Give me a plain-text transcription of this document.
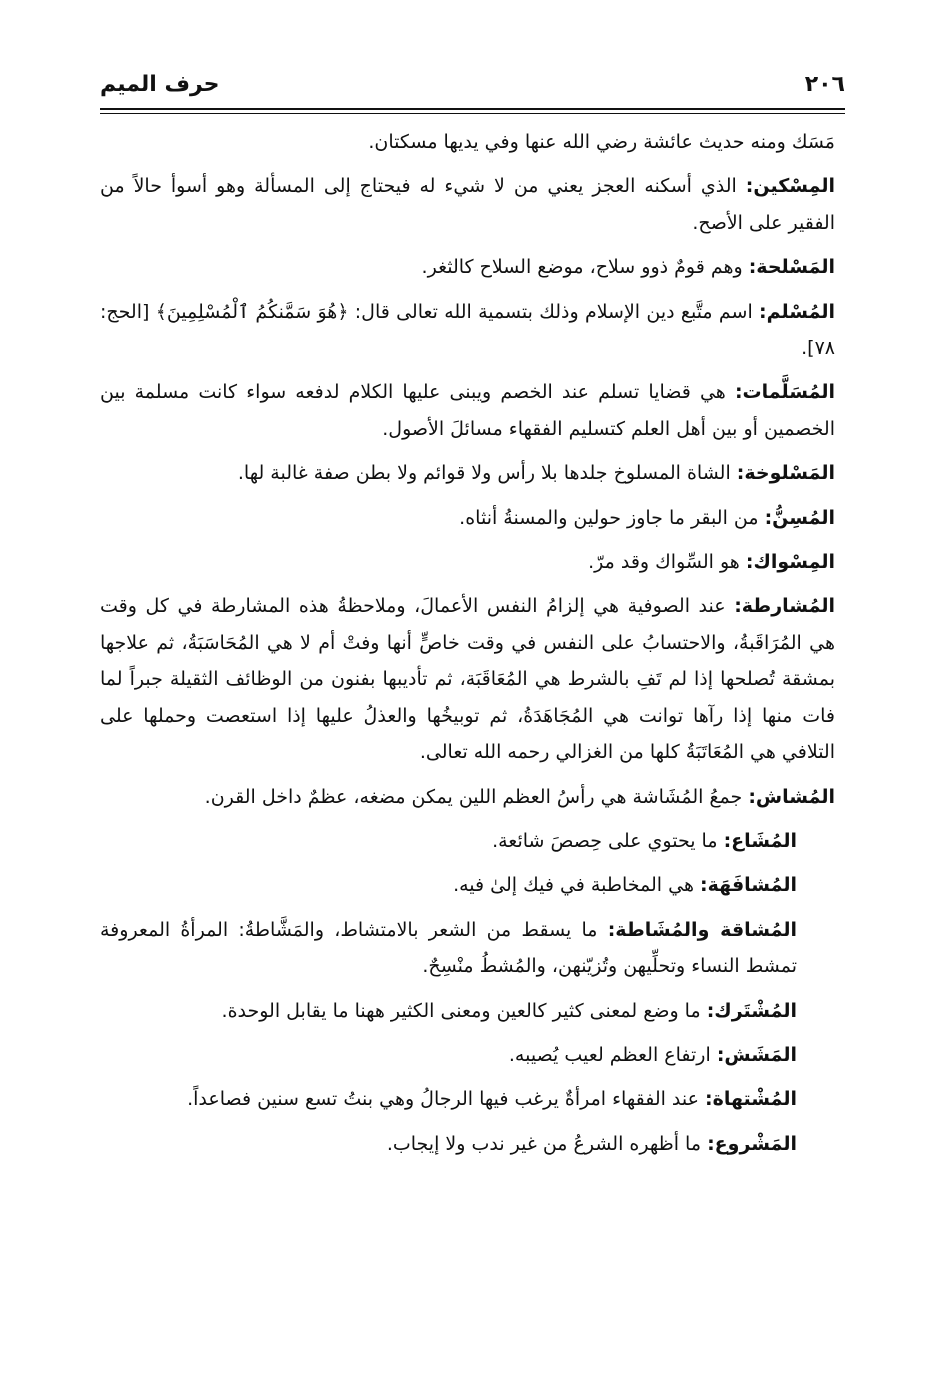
٢٠٦
حرف الميم

مَسَك ومنه حديث عائشة رضي الله عنها وفي يديها مسكتان.

المِسْكين: الذي أسكنه العجز يعني من لا شيء له فيحتاج إلى المسألة وهو أسوأ حالاً من الفقير على الأصح.

المَسْلحة: وهم قومٌ ذوو سلاح، موضع السلاح كالثغر.

المُسْلم: اسم متَّبع دين الإسلام وذلك بتسمية الله تعالى قال: ﴿هُوَ سَمَّنكُمُ ٱلْمُسْلِمِينَ﴾ [الحج: ٧٨].

المُسَلَّمات: هي قضايا تسلم عند الخصم ويبنى عليها الكلام لدفعه سواء كانت مسلمة بين الخصمين أو بين أهل العلم كتسليم الفقهاء مسائلَ الأصول.

المَسْلوخة: الشاة المسلوخ جلدها بلا رأس ولا قوائم ولا بطن صفة غالبة لها.

المُسِنُّ: من البقر ما جاوز حولين والمسنةُ أنثاه.

المِسْواك: هو السِّواك وقد مرّ.

المُشارطة: عند الصوفية هي إلزامُ النفس الأعمالَ، وملاحظةُ هذه المشارطة في كل وقت هي المُرَاقَبةُ، والاحتسابُ على النفس في وقت خاصٍّ أنها وفتْ أم لا هي المُحَاسَبَةُ، ثم علاجها بمشقة تُصلحها إذا لم تَفِ بالشرط هي المُعَاقَبَة، ثم تأديبها بفنون من الوظائف الثقيلة جبراً لما فات منها إذا رآها توانت هي المُجَاهَدَةُ، ثم توبيخُها والعذلُ عليها إذا استعصت وحملها على التلافي هي المُعَاتَبَةُ كلها من الغزالي رحمه الله تعالى.

المُشاش: جمعُ المُشَاشة هي رأسُ العظم اللين يمكن مضغه، عظمٌ داخل القرن.

المُشَاع: ما يحتوي على حِصصَ شائعة.

المُشافَهَة: هي المخاطبة في فيك إلىٰ فيه.

المُشاقة والمُشَاطة: ما يسقط من الشعر بالامتشاط، والمَشَّاطةُ: المرأةُ المعروفة تمشط النساء وتحلِّيهن وتُزيّنهن، والمُشطُ منْسِحٌ.

المُشْتَرك: ما وضع لمعنى كثير كالعين ومعنى الكثير ههنا ما يقابل الوحدة.

المَشَش: ارتفاع العظم لعيب يُصيبه.

المُشْتهاة: عند الفقهاء امرأةٌ يرغب فيها الرجالُ وهي بنتُ تسع سنين فصاعداً.

المَشْروع: ما أظهره الشرعُ من غير ندب ولا إيجاب.
